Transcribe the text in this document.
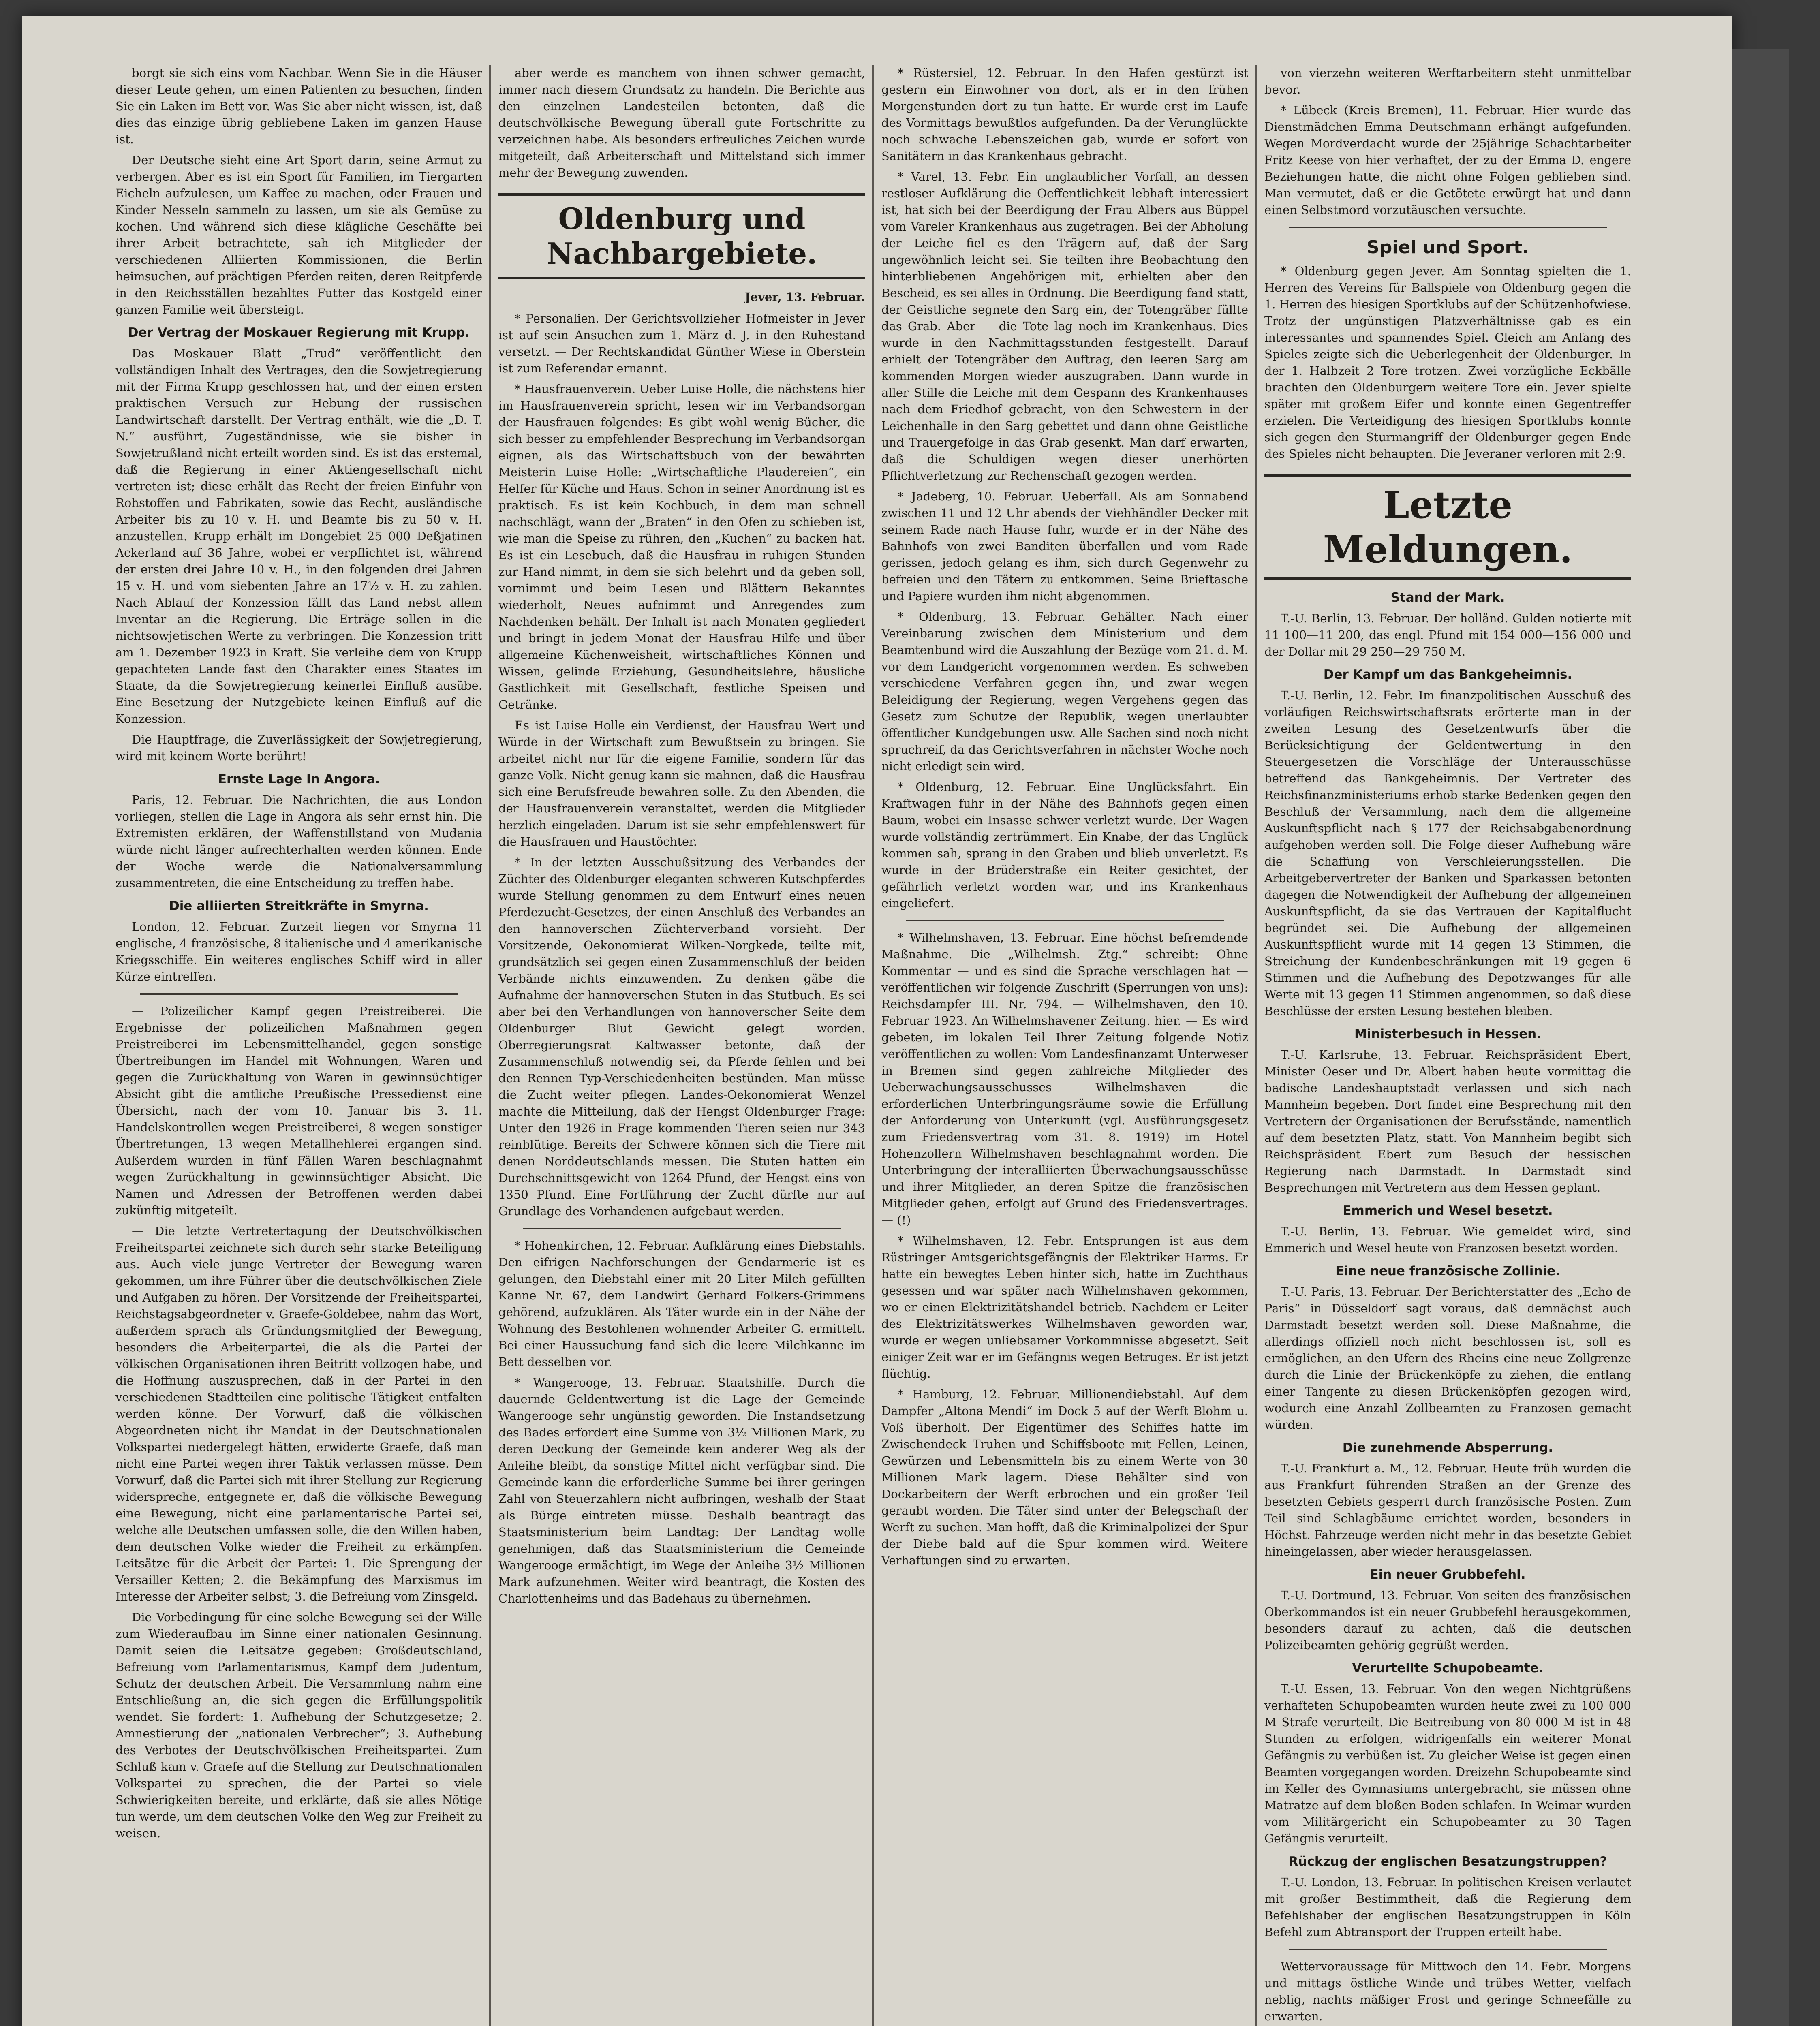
borgt sie sich eins vom Nachbar. Wenn Sie in die Häuser dieser Leute gehen, um einen Patienten zu besuchen, finden Sie ein Laken im Bett vor. Was Sie aber nicht wissen, ist, daß dies das einzige übrig gebliebene Laken im ganzen Hause ist.

Der Deutsche sieht eine Art Sport darin, seine Armut zu verbergen. Aber es ist ein Sport für Familien, im Tiergarten Eicheln aufzulesen, um Kaffee zu machen, oder Frauen und Kinder Nesseln sammeln zu lassen, um sie als Gemüse zu kochen. Und während sich diese klägliche Geschäfte bei ihrer Arbeit betrachtete, sah ich Mitglieder der verschiedenen Alliierten Kommissionen, die Berlin heimsuchen, auf prächtigen Pferden reiten, deren Reitpferde in den Reichsställen bezahltes Futter das Kostgeld einer ganzen Familie weit übersteigt.

Der Vertrag der Moskauer Regierung mit Krupp.

Das Moskauer Blatt „Trud“ veröffentlicht den vollständigen Inhalt des Vertrages, den die Sowjetregierung mit der Firma Krupp geschlossen hat, und der einen ersten praktischen Versuch zur Hebung der russischen Landwirtschaft darstellt. Der Vertrag enthält, wie die „D. T. N.“ ausführt, Zugeständnisse, wie sie bisher in Sowjetrußland nicht erteilt worden sind. Es ist das erstemal, daß die Regierung in einer Aktiengesellschaft nicht vertreten ist; diese erhält das Recht der freien Einfuhr von Rohstoffen und Fabrikaten, sowie das Recht, ausländische Arbeiter bis zu 10 v. H. und Beamte bis zu 50 v. H. anzustellen. Krupp erhält im Dongebiet 25 000 Deßjatinen Ackerland auf 36 Jahre, wobei er verpflichtet ist, während der ersten drei Jahre 10 v. H., in den folgenden drei Jahren 15 v. H. und vom siebenten Jahre an 17½ v. H. zu zahlen. Nach Ablauf der Konzession fällt das Land nebst allem Inventar an die Regierung. Die Erträge sollen in die nichtsowjetischen Werte zu verbringen. Die Konzession tritt am 1. Dezember 1923 in Kraft. Sie verleihe dem von Krupp gepachteten Lande fast den Charakter eines Staates im Staate, da die Sowjetregierung keinerlei Einfluß ausübe. Eine Besetzung der Nutzgebiete keinen Einfluß auf die Konzession.

Die Hauptfrage, die Zuverlässigkeit der Sowjetregierung, wird mit keinem Worte berührt!

Ernste Lage in Angora.

Paris, 12. Februar. Die Nachrichten, die aus London vorliegen, stellen die Lage in Angora als sehr ernst hin. Die Extremisten erklären, der Waffenstillstand von Mudania würde nicht länger aufrechterhalten werden können. Ende der Woche werde die Nationalversammlung zusammentreten, die eine Entscheidung zu treffen habe.

Die alliierten Streitkräfte in Smyrna.

London, 12. Februar. Zurzeit liegen vor Smyrna 11 englische, 4 französische, 8 italienische und 4 amerikanische Kriegsschiffe. Ein weiteres englisches Schiff wird in aller Kürze eintreffen.

— Polizeilicher Kampf gegen Preistreiberei. Die Ergebnisse der polizeilichen Maßnahmen gegen Preistreiberei im Lebensmittelhandel, gegen sonstige Übertreibungen im Handel mit Wohnungen, Waren und gegen die Zurückhaltung von Waren in gewinnsüchtiger Absicht gibt die amtliche Preußische Pressedienst eine Übersicht, nach der vom 10. Januar bis 3. 11. Handelskontrollen wegen Preistreiberei, 8 wegen sonstiger Übertretungen, 13 wegen Metallhehlerei ergangen sind. Außerdem wurden in fünf Fällen Waren beschlagnahmt wegen Zurückhaltung in gewinnsüchtiger Absicht. Die Namen und Adressen der Betroffenen werden dabei zukünftig mitgeteilt.

— Die letzte Vertretertagung der Deutschvölkischen Freiheitspartei zeichnete sich durch sehr starke Beteiligung aus. Auch viele junge Vertreter der Bewegung waren gekommen, um ihre Führer über die deutschvölkischen Ziele und Aufgaben zu hören. Der Vorsitzende der Freiheitspartei, Reichstagsabgeordneter v. Graefe-Goldebee, nahm das Wort, außerdem sprach als Gründungsmitglied der Bewegung, besonders die Arbeiterpartei, die als die Partei der völkischen Organisationen ihren Beitritt vollzogen habe, und die Hoffnung auszusprechen, daß in der Partei in den verschiedenen Stadtteilen eine politische Tätigkeit entfalten werden könne. Der Vorwurf, daß die völkischen Abgeordneten nicht ihr Mandat in der Deutschnationalen Volkspartei niedergelegt hätten, erwiderte Graefe, daß man nicht eine Partei wegen ihrer Taktik verlassen müsse. Dem Vorwurf, daß die Partei sich mit ihrer Stellung zur Regierung widerspreche, entgegnete er, daß die völkische Bewegung eine Bewegung, nicht eine parlamentarische Partei sei, welche alle Deutschen umfassen solle, die den Willen haben, dem deutschen Volke wieder die Freiheit zu erkämpfen. Leitsätze für die Arbeit der Partei: 1. Die Sprengung der Versailler Ketten; 2. die Bekämpfung des Marxismus im Interesse der Arbeiter selbst; 3. die Befreiung vom Zinsgeld.

Die Vorbedingung für eine solche Bewegung sei der Wille zum Wiederaufbau im Sinne einer nationalen Gesinnung. Damit seien die Leitsätze gegeben: Großdeutschland, Befreiung vom Parlamentarismus, Kampf dem Judentum, Schutz der deutschen Arbeit. Die Versammlung nahm eine Entschließung an, die sich gegen die Erfüllungspolitik wendet. Sie fordert: 1. Aufhebung der Schutzgesetze; 2. Amnestierung der „nationalen Verbrecher“; 3. Aufhebung des Verbotes der Deutschvölkischen Freiheitspartei. Zum Schluß kam v. Graefe auf die Stellung zur Deutschnationalen Volkspartei zu sprechen, die der Partei so viele Schwierigkeiten bereite, und erklärte, daß sie alles Nötige tun werde, um dem deutschen Volke den Weg zur Freiheit zu weisen.

aber werde es manchem von ihnen schwer gemacht, immer nach diesem Grundsatz zu handeln. Die Berichte aus den einzelnen Landesteilen betonten, daß die deutschvölkische Bewegung überall gute Fortschritte zu verzeichnen habe. Als besonders erfreuliches Zeichen wurde mitgeteilt, daß Arbeiterschaft und Mittelstand sich immer mehr der Bewegung zuwenden.

Oldenburg und Nachbargebiete.

Jever, 13. Februar.

* Personalien. Der Gerichtsvollzieher Hofmeister in Jever ist auf sein Ansuchen zum 1. März d. J. in den Ruhestand versetzt. — Der Rechtskandidat Günther Wiese in Oberstein ist zum Referendar ernannt.

* Hausfrauenverein. Ueber Luise Holle, die nächstens hier im Hausfrauenverein spricht, lesen wir im Verbandsorgan der Hausfrauen folgendes: Es gibt wohl wenig Bücher, die sich besser zu empfehlender Besprechung im Verbandsorgan eignen, als das Wirtschaftsbuch von der bewährten Meisterin Luise Holle: „Wirtschaftliche Plaudereien“, ein Helfer für Küche und Haus. Schon in seiner Anordnung ist es praktisch. Es ist kein Kochbuch, in dem man schnell nachschlägt, wann der „Braten“ in den Ofen zu schieben ist, wie man die Speise zu rühren, den „Kuchen“ zu backen hat. Es ist ein Lesebuch, daß die Hausfrau in ruhigen Stunden zur Hand nimmt, in dem sie sich belehrt und da geben soll, vornimmt und beim Lesen und Blättern Bekanntes wiederholt, Neues aufnimmt und Anregendes zum Nachdenken behält. Der Inhalt ist nach Monaten gegliedert und bringt in jedem Monat der Hausfrau Hilfe und über allgemeine Küchenweisheit, wirtschaftliches Können und Wissen, gelinde Erziehung, Gesundheitslehre, häusliche Gastlichkeit mit Gesellschaft, festliche Speisen und Getränke.

Es ist Luise Holle ein Verdienst, der Hausfrau Wert und Würde in der Wirtschaft zum Bewußtsein zu bringen. Sie arbeitet nicht nur für die eigene Familie, sondern für das ganze Volk. Nicht genug kann sie mahnen, daß die Hausfrau sich eine Berufsfreude bewahren solle. Zu den Abenden, die der Hausfrauenverein veranstaltet, werden die Mitglieder herzlich eingeladen. Darum ist sie sehr empfehlenswert für die Hausfrauen und Haustöchter.

* In der letzten Ausschußsitzung des Verbandes der Züchter des Oldenburger eleganten schweren Kutschpferdes wurde Stellung genommen zu dem Entwurf eines neuen Pferdezucht-Gesetzes, der einen Anschluß des Verbandes an den hannoverschen Züchterverband vorsieht. Der Vorsitzende, Oekonomierat Wilken-Norgkede, teilte mit, grundsätzlich sei gegen einen Zusammenschluß der beiden Verbände nichts einzuwenden. Zu denken gäbe die Aufnahme der hannoverschen Stuten in das Stutbuch. Es sei aber bei den Verhandlungen von hannoverscher Seite dem Oldenburger Blut Gewicht gelegt worden. Oberregierungsrat Kaltwasser betonte, daß der Zusammenschluß notwendig sei, da Pferde fehlen und bei den Rennen Typ-Verschiedenheiten bestünden. Man müsse die Zucht weiter pflegen. Landes-Oekonomierat Wenzel machte die Mitteilung, daß der Hengst Oldenburger Frage: Unter den 1926 in Frage kommenden Tieren seien nur 343 reinblütige. Bereits der Schwere können sich die Tiere mit denen Norddeutschlands messen. Die Stuten hatten ein Durchschnittsgewicht von 1264 Pfund, der Hengst eins von 1350 Pfund. Eine Fortführung der Zucht dürfte nur auf Grundlage des Vorhandenen aufgebaut werden.

* Hohenkirchen, 12. Februar. Aufklärung eines Diebstahls. Den eifrigen Nachforschungen der Gendarmerie ist es gelungen, den Diebstahl einer mit 20 Liter Milch gefüllten Kanne Nr. 67, dem Landwirt Gerhard Folkers-Grimmens gehörend, aufzuklären. Als Täter wurde ein in der Nähe der Wohnung des Bestohlenen wohnender Arbeiter G. ermittelt. Bei einer Haussuchung fand sich die leere Milchkanne im Bett desselben vor.

* Wangerooge, 13. Februar. Staatshilfe. Durch die dauernde Geldentwertung ist die Lage der Gemeinde Wangerooge sehr ungünstig geworden. Die Instandsetzung des Bades erfordert eine Summe von 3½ Millionen Mark, zu deren Deckung der Gemeinde kein anderer Weg als der Anleihe bleibt, da sonstige Mittel nicht verfügbar sind. Die Gemeinde kann die erforderliche Summe bei ihrer geringen Zahl von Steuerzahlern nicht aufbringen, weshalb der Staat als Bürge eintreten müsse. Deshalb beantragt das Staatsministerium beim Landtag: Der Landtag wolle genehmigen, daß das Staatsministerium die Gemeinde Wangerooge ermächtigt, im Wege der Anleihe 3½ Millionen Mark aufzunehmen. Weiter wird beantragt, die Kosten des Charlottenheims und das Badehaus zu übernehmen.

* Rüstersiel, 12. Februar. In den Hafen gestürzt ist gestern ein Einwohner von dort, als er in den frühen Morgenstunden dort zu tun hatte. Er wurde erst im Laufe des Vormittags bewußtlos aufgefunden. Da der Verunglückte noch schwache Lebenszeichen gab, wurde er sofort von Sanitätern in das Krankenhaus gebracht.

* Varel, 13. Febr. Ein unglaublicher Vorfall, an dessen restloser Aufklärung die Oeffentlichkeit lebhaft interessiert ist, hat sich bei der Beerdigung der Frau Albers aus Büppel vom Vareler Krankenhaus aus zugetragen. Bei der Abholung der Leiche fiel es den Trägern auf, daß der Sarg ungewöhnlich leicht sei. Sie teilten ihre Beobachtung den hinterbliebenen Angehörigen mit, erhielten aber den Bescheid, es sei alles in Ordnung. Die Beerdigung fand statt, der Geistliche segnete den Sarg ein, der Totengräber füllte das Grab. Aber — die Tote lag noch im Krankenhaus. Dies wurde in den Nachmittagsstunden festgestellt. Darauf erhielt der Totengräber den Auftrag, den leeren Sarg am kommenden Morgen wieder auszugraben. Dann wurde in aller Stille die Leiche mit dem Gespann des Krankenhauses nach dem Friedhof gebracht, von den Schwestern in der Leichenhalle in den Sarg gebettet und dann ohne Geistliche und Trauergefolge in das Grab gesenkt. Man darf erwarten, daß die Schuldigen wegen dieser unerhörten Pflichtverletzung zur Rechenschaft gezogen werden.

* Jadeberg, 10. Februar. Ueberfall. Als am Sonnabend zwischen 11 und 12 Uhr abends der Viehhändler Decker mit seinem Rade nach Hause fuhr, wurde er in der Nähe des Bahnhofs von zwei Banditen überfallen und vom Rade gerissen, jedoch gelang es ihm, sich durch Gegenwehr zu befreien und den Tätern zu entkommen. Seine Brieftasche und Papiere wurden ihm nicht abgenommen.

* Oldenburg, 13. Februar. Gehälter. Nach einer Vereinbarung zwischen dem Ministerium und dem Beamtenbund wird die Auszahlung der Bezüge vom 21. d. M. vor dem Landgericht vorgenommen werden. Es schweben verschiedene Verfahren gegen ihn, und zwar wegen Beleidigung der Regierung, wegen Vergehens gegen das Gesetz zum Schutze der Republik, wegen unerlaubter öffentlicher Kundgebungen usw. Alle Sachen sind noch nicht spruchreif, da das Gerichtsverfahren in nächster Woche noch nicht erledigt sein wird.

* Oldenburg, 12. Februar. Eine Unglücksfahrt. Ein Kraftwagen fuhr in der Nähe des Bahnhofs gegen einen Baum, wobei ein Insasse schwer verletzt wurde. Der Wagen wurde vollständig zertrümmert. Ein Knabe, der das Unglück kommen sah, sprang in den Graben und blieb unverletzt. Es wurde in der Brüderstraße ein Reiter gesichtet, der gefährlich verletzt worden war, und ins Krankenhaus eingeliefert.

* Wilhelmshaven, 13. Februar. Eine höchst befremdende Maßnahme. Die „Wilhelmsh. Ztg.“ schreibt: Ohne Kommentar — und es sind die Sprache verschlagen hat — veröffentlichen wir folgende Zuschrift (Sperrungen von uns): Reichsdampfer III. Nr. 794. — Wilhelmshaven, den 10. Februar 1923. An Wilhelmshavener Zeitung. hier. — Es wird gebeten, im lokalen Teil Ihrer Zeitung folgende Notiz veröffentlichen zu wollen: Vom Landesfinanzamt Unterweser in Bremen sind gegen zahlreiche Mitglieder des Ueberwachungsausschusses Wilhelmshaven die erforderlichen Unterbringungsräume sowie die Erfüllung der Anforderung von Unterkunft (vgl. Ausführungsgesetz zum Friedensvertrag vom 31. 8. 1919) im Hotel Hohenzollern Wilhelmshaven beschlagnahmt worden. Die Unterbringung der interalliierten Überwachungsausschüsse und ihrer Mitglieder, an deren Spitze die französischen Mitglieder gehen, erfolgt auf Grund des Friedensvertrages. — (!)

* Wilhelmshaven, 12. Febr. Entsprungen ist aus dem Rüstringer Amtsgerichtsgefängnis der Elektriker Harms. Er hatte ein bewegtes Leben hinter sich, hatte im Zuchthaus gesessen und war später nach Wilhelmshaven gekommen, wo er einen Elektrizitätshandel betrieb. Nachdem er Leiter des Elektrizitätswerkes Wilhelmshaven geworden war, wurde er wegen unliebsamer Vorkommnisse abgesetzt. Seit einiger Zeit war er im Gefängnis wegen Betruges. Er ist jetzt flüchtig.

* Hamburg, 12. Februar. Millionendiebstahl. Auf dem Dampfer „Altona Mendi“ im Dock 5 auf der Werft Blohm u. Voß überholt. Der Eigentümer des Schiffes hatte im Zwischendeck Truhen und Schiffsboote mit Fellen, Leinen, Gewürzen und Lebensmitteln bis zu einem Werte von 30 Millionen Mark lagern. Diese Behälter sind von Dockarbeitern der Werft erbrochen und ein großer Teil geraubt worden. Die Täter sind unter der Belegschaft der Werft zu suchen. Man hofft, daß die Kriminalpolizei der Spur der Diebe bald auf die Spur kommen wird. Weitere Verhaftungen sind zu erwarten.

von vierzehn weiteren Werftarbeitern steht unmittelbar bevor.

* Lübeck (Kreis Bremen), 11. Februar. Hier wurde das Dienstmädchen Emma Deutschmann erhängt aufgefunden. Wegen Mordverdacht wurde der 25jährige Schachtarbeiter Fritz Keese von hier verhaftet, der zu der Emma D. engere Beziehungen hatte, die nicht ohne Folgen geblieben sind. Man vermutet, daß er die Getötete erwürgt hat und dann einen Selbstmord vorzutäuschen versuchte.

Spiel und Sport.

* Oldenburg gegen Jever. Am Sonntag spielten die 1. Herren des Vereins für Ballspiele von Oldenburg gegen die 1. Herren des hiesigen Sportklubs auf der Schützenhofwiese. Trotz der ungünstigen Platzverhältnisse gab es ein interessantes und spannendes Spiel. Gleich am Anfang des Spieles zeigte sich die Ueberlegenheit der Oldenburger. In der 1. Halbzeit 2 Tore trotzen. Zwei vorzügliche Eckbälle brachten den Oldenburgern weitere Tore ein. Jever spielte später mit großem Eifer und konnte einen Gegentreffer erzielen. Die Verteidigung des hiesigen Sportklubs konnte sich gegen den Sturmangriff der Oldenburger gegen Ende des Spieles nicht behaupten. Die Jeveraner verloren mit 2:9.

Letzte Meldungen.
Stand der Mark.

T.-U. Berlin, 13. Februar. Der holländ. Gulden notierte mit 11 100—11 200, das engl. Pfund mit 154 000—156 000 und der Dollar mit 29 250—29 750 M.

Der Kampf um das Bankgeheimnis.

T.-U. Berlin, 12. Febr. Im finanzpolitischen Ausschuß des vorläufigen Reichswirtschaftsrats erörterte man in der zweiten Lesung des Gesetzentwurfs über die Berücksichtigung der Geldentwertung in den Steuergesetzen die Vorschläge der Unterausschüsse betreffend das Bankgeheimnis. Der Vertreter des Reichsfinanzministeriums erhob starke Bedenken gegen den Beschluß der Versammlung, nach dem die allgemeine Auskunftspflicht nach § 177 der Reichsabgabenordnung aufgehoben werden soll. Die Folge dieser Aufhebung wäre die Schaffung von Verschleierungsstellen. Die Arbeitgebervertreter der Banken und Sparkassen betonten dagegen die Notwendigkeit der Aufhebung der allgemeinen Auskunftspflicht, da sie das Vertrauen der Kapitalflucht begründet sei. Die Aufhebung der allgemeinen Auskunftspflicht wurde mit 14 gegen 13 Stimmen, die Streichung der Kundenbeschränkungen mit 19 gegen 6 Stimmen und die Aufhebung des Depotzwanges für alle Werte mit 13 gegen 11 Stimmen angenommen, so daß diese Beschlüsse der ersten Lesung bestehen bleiben.

Ministerbesuch in Hessen.

T.-U. Karlsruhe, 13. Februar. Reichspräsident Ebert, Minister Oeser und Dr. Albert haben heute vormittag die badische Landeshauptstadt verlassen und sich nach Mannheim begeben. Dort findet eine Besprechung mit den Vertretern der Organisationen der Berufsstände, namentlich auf dem besetzten Platz, statt. Von Mannheim begibt sich Reichspräsident Ebert zum Besuch der hessischen Regierung nach Darmstadt. In Darmstadt sind Besprechungen mit Vertretern aus dem Hessen geplant.

Emmerich und Wesel besetzt.

T.-U. Berlin, 13. Februar. Wie gemeldet wird, sind Emmerich und Wesel heute von Franzosen besetzt worden.

Eine neue französische Zollinie.

T.-U. Paris, 13. Februar. Der Berichterstatter des „Echo de Paris“ in Düsseldorf sagt voraus, daß demnächst auch Darmstadt besetzt werden soll. Diese Maßnahme, die allerdings offiziell noch nicht beschlossen ist, soll es ermöglichen, an den Ufern des Rheins eine neue Zollgrenze durch die Linie der Brückenköpfe zu ziehen, die entlang einer Tangente zu diesen Brückenköpfen gezogen wird, wodurch eine Anzahl Zollbeamten zu Franzosen gemacht würden.

Die zunehmende Absperrung.

T.-U. Frankfurt a. M., 12. Februar. Heute früh wurden die aus Frankfurt führenden Straßen an der Grenze des besetzten Gebiets gesperrt durch französische Posten. Zum Teil sind Schlagbäume errichtet worden, besonders in Höchst. Fahrzeuge werden nicht mehr in das besetzte Gebiet hineingelassen, aber wieder herausgelassen.

Ein neuer Grubbefehl.

T.-U. Dortmund, 13. Februar. Von seiten des französischen Oberkommandos ist ein neuer Grubbefehl herausgekommen, besonders darauf zu achten, daß die deutschen Polizeibeamten gehörig gegrüßt werden.

Verurteilte Schupobeamte.

T.-U. Essen, 13. Februar. Von den wegen Nichtgrüßens verhafteten Schupobeamten wurden heute zwei zu 100 000 M Strafe verurteilt. Die Beitreibung von 80 000 M ist in 48 Stunden zu erfolgen, widrigenfalls ein weiterer Monat Gefängnis zu verbüßen ist. Zu gleicher Weise ist gegen einen Beamten vorgegangen worden. Dreizehn Schupobeamte sind im Keller des Gymnasiums untergebracht, sie müssen ohne Matratze auf dem bloßen Boden schlafen. In Weimar wurden vom Militärgericht ein Schupobeamter zu 30 Tagen Gefängnis verurteilt.

Rückzug der englischen Besatzungstruppen?

T.-U. London, 13. Februar. In politischen Kreisen verlautet mit großer Bestimmtheit, daß die Regierung dem Befehlshaber der englischen Besatzungstruppen in Köln Befehl zum Abtransport der Truppen erteilt habe.

Wettervoraussage für Mittwoch den 14. Febr. Morgens und mittags östliche Winde und trübes Wetter, vielfach neblig, nachts mäßiger Frost und geringe Schneefälle zu erwarten.
